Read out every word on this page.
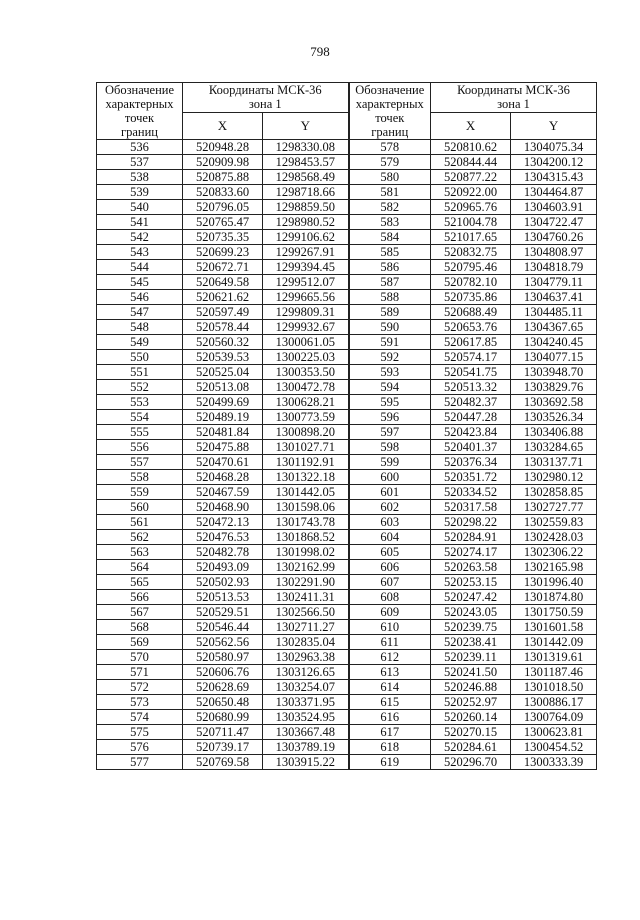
798
Обозначение
характерных
точек
границ	Координаты МСК-36
зона 1		Обозначение
характерных
точек
границ	Координаты МСК-36
зона 1	

	X	Y		X	Y
536	520948.28	1298330.08	578	520810.62	1304075.34
537	520909.98	1298453.57	579	520844.44	1304200.12
538	520875.88	1298568.49	580	520877.22	1304315.43
539	520833.60	1298718.66	581	520922.00	1304464.87
540	520796.05	1298859.50	582	520965.76	1304603.91
541	520765.47	1298980.52	583	521004.78	1304722.47
542	520735.35	1299106.62	584	521017.65	1304760.26
543	520699.23	1299267.91	585	520832.75	1304808.97
544	520672.71	1299394.45	586	520795.46	1304818.79
545	520649.58	1299512.07	587	520782.10	1304779.11
546	520621.62	1299665.56	588	520735.86	1304637.41
547	520597.49	1299809.31	589	520688.49	1304485.11
548	520578.44	1299932.67	590	520653.76	1304367.65
549	520560.32	1300061.05	591	520617.85	1304240.45
550	520539.53	1300225.03	592	520574.17	1304077.15
551	520525.04	1300353.50	593	520541.75	1303948.70
552	520513.08	1300472.78	594	520513.32	1303829.76
553	520499.69	1300628.21	595	520482.37	1303692.58
554	520489.19	1300773.59	596	520447.28	1303526.34
555	520481.84	1300898.20	597	520423.84	1303406.88
556	520475.88	1301027.71	598	520401.37	1303284.65
557	520470.61	1301192.91	599	520376.34	1303137.71
558	520468.28	1301322.18	600	520351.72	1302980.12
559	520467.59	1301442.05	601	520334.52	1302858.85
560	520468.90	1301598.06	602	520317.58	1302727.77
561	520472.13	1301743.78	603	520298.22	1302559.83
562	520476.53	1301868.52	604	520284.91	1302428.03
563	520482.78	1301998.02	605	520274.17	1302306.22
564	520493.09	1302162.99	606	520263.58	1302165.98
565	520502.93	1302291.90	607	520253.15	1301996.40
566	520513.53	1302411.31	608	520247.42	1301874.80
567	520529.51	1302566.50	609	520243.05	1301750.59
568	520546.44	1302711.27	610	520239.75	1301601.58
569	520562.56	1302835.04	611	520238.41	1301442.09
570	520580.97	1302963.38	612	520239.11	1301319.61
571	520606.76	1303126.65	613	520241.50	1301187.46
572	520628.69	1303254.07	614	520246.88	1301018.50
573	520650.48	1303371.95	615	520252.97	1300886.17
574	520680.99	1303524.95	616	520260.14	1300764.09
575	520711.47	1303667.48	617	520270.15	1300623.81
576	520739.17	1303789.19	618	520284.61	1300454.52
577	520769.58	1303915.22	619	520296.70	1300333.39
